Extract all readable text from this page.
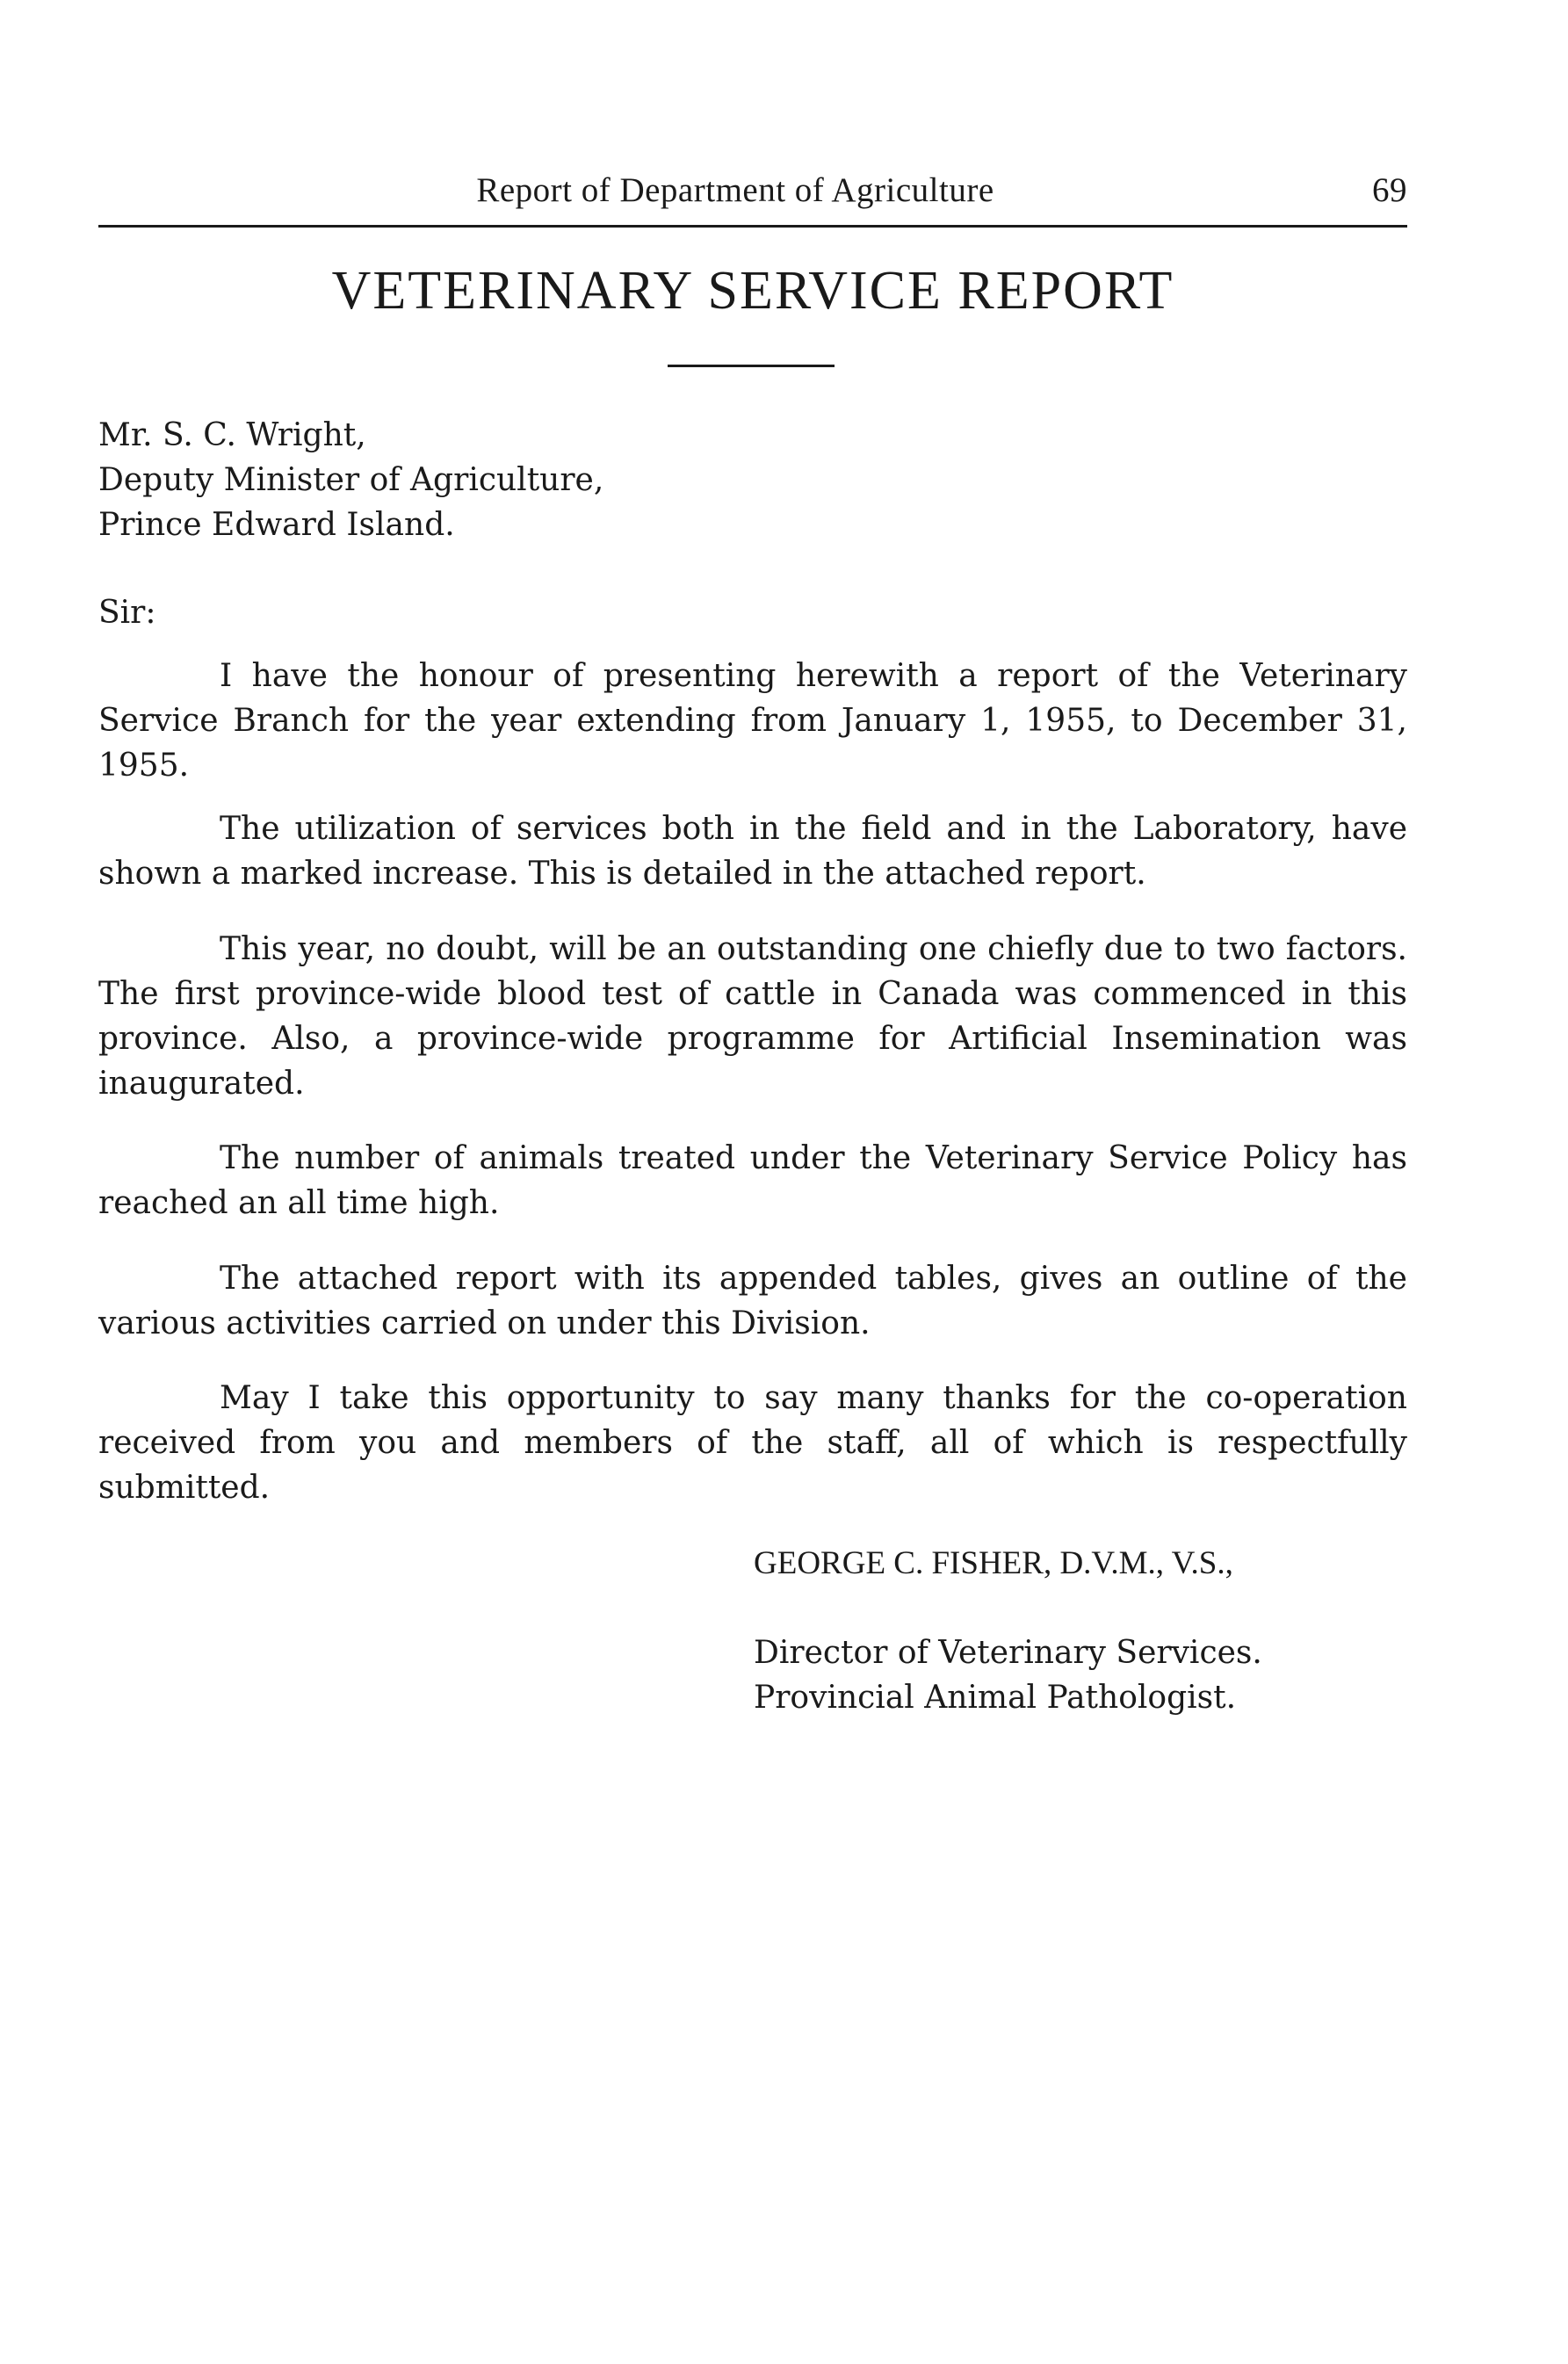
Report of Department of Agriculture	69
VETERINARY SERVICE REPORT
Mr. S. C. Wright,
Deputy Minister of Agriculture,
Prince Edward Island.
Sir:

I have the honour of presenting herewith a report of the Veterinary Service Branch for the year extending from January 1, 1955, to December 31, 1955.

The utilization of services both in the field and in the Laboratory, have shown a marked increase. This is detailed in the attached report.

This year, no doubt, will be an outstanding one chiefly due to two factors. The first province-wide blood test of cattle in Canada was commenced in this province. Also, a province-wide programme for Artificial Insemination was inaugurated.

The number of animals treated under the Veterinary Service Policy has reached an all time high.

The attached report with its appended tables, gives an outline of the various activities carried on under this Division.

May I take this opportunity to say many thanks for the co-operation received from you and members of the staff, all of which is respectfully submitted.

GEORGE C. FISHER, D.V.M., V.S.,
Director of Veterinary Services.
Provincial Animal Pathologist.
